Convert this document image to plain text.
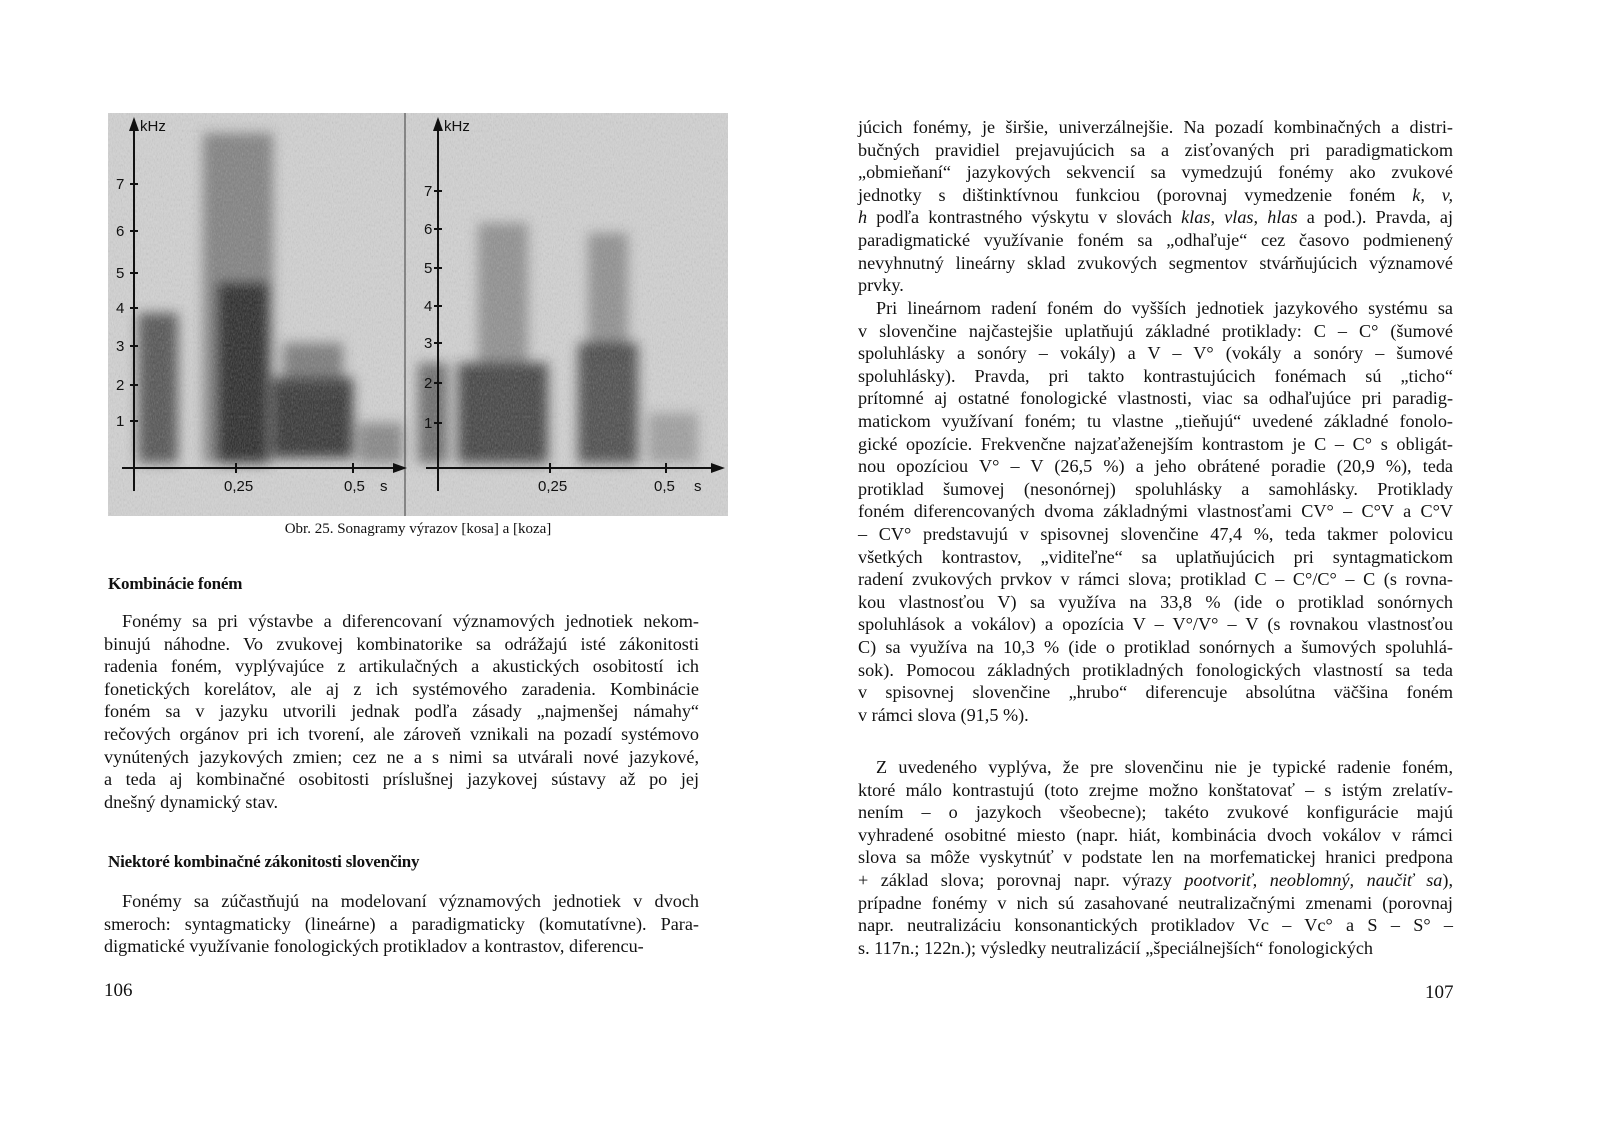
kHz
7
6
5
4
3
2
1
0,25	0,5 s
kHz
7
6
5
4
3
2
1
0,25	0,5 s
Obr. 25. Sonagramy výrazov [kosa] a [koza]
Kombinácie foném
Fonémy sa pri výstavbe a diferencovaní významových jednotiek nekom-
binujú náhodne. Vo zvukovej kombinatorike sa odrážajú isté zákonitosti
radenia foném, vyplývajúce z artikulačných a akustických osobitostí ich
fonetických korelátov, ale aj z ich systémového zaradenia. Kombinácie
foném sa v jazyku utvorili jednak podľa zásady „najmenšej námahy“
rečových orgánov pri ich tvorení, ale zároveň vznikali na pozadí systémovo
vynútených jazykových zmien; cez ne a s nimi sa utvárali nové jazykové,
a teda aj kombinačné osobitosti príslušnej jazykovej sústavy až po jej
dnešný dynamický stav.
Niektoré kombinačné zákonitosti slovenčiny
Fonémy sa zúčastňujú na modelovaní významových jednotiek v dvoch
smeroch: syntagmaticky (lineárne) a paradigmaticky (komutatívne). Para-
digmatické využívanie fonologických protikladov a kontrastov, diferencu-
106
júcich fonémy, je širšie, univerzálnejšie. Na pozadí kombinačných a distri-
bučných pravidiel prejavujúcich sa a zisťovaných pri paradigmatickom
„obmieňaní“ jazykových sekvencií sa vymedzujú fonémy ako zvukové
jednotky s dištinktívnou funkciou (porovnaj vymedzenie foném k, v,
h podľa kontrastného výskytu v slovách klas, vlas, hlas a pod.). Pravda, aj
paradigmatické využívanie foném sa „odhaľuje“ cez časovo podmienený
nevyhnutný lineárny sklad zvukových segmentov stvárňujúcich významové
prvky.
Pri lineárnom radení foném do vyšších jednotiek jazykového systému sa
v slovenčine najčastejšie uplatňujú základné protiklady: C – C° (šumové
spoluhlásky a sonóry – vokály) a V – V° (vokály a sonóry – šumové
spoluhlásky). Pravda, pri takto kontrastujúcich fonémach sú „ticho“
prítomné aj ostatné fonologické vlastnosti, viac sa odhaľujúce pri paradig-
matickom využívaní foném; tu vlastne „tieňujú“ uvedené základné fonolo-
gické opozície. Frekvenčne najzaťaženejším kontrastom je C – C° s obligát-
nou opozíciou V° – V (26,5 %) a jeho obrátené poradie (20,9 %), teda
protiklad šumovej (nesonórnej) spoluhlásky a samohlásky. Protiklady
foném diferencovaných dvoma základnými vlastnosťami CV° – C°V a C°V
– CV° predstavujú v spisovnej slovenčine 47,4 %, teda takmer polovicu
všetkých kontrastov, „viditeľne“ sa uplatňujúcich pri syntagmatickom
radení zvukových prvkov v rámci slova; protiklad C – C°/C° – C (s rovna-
kou vlastnosťou V) sa využíva na 33,8 % (ide o protiklad sonórnych
spoluhlások a vokálov) a opozícia V – V°/V° – V (s rovnakou vlastnosťou
C) sa využíva na 10,3 % (ide o protiklad sonórnych a šumových spoluhlá-
sok). Pomocou základných protikladných fonologických vlastností sa teda
v spisovnej slovenčine „hrubo“ diferencuje absolútna väčšina foném
v rámci slova (91,5 %).
Z uvedeného vyplýva, že pre slovenčinu nie je typické radenie foném,
ktoré málo kontrastujú (toto zrejme možno konštatovať – s istým zrelatív-
nením – o jazykoch všeobecne); takéto zvukové konfigurácie majú
vyhradené osobitné miesto (napr. hiát, kombinácia dvoch vokálov v rámci
slova sa môže vyskytnúť v podstate len na morfematickej hranici predpona
+ základ slova; porovnaj napr. výrazy pootvoriť, neoblomný, naučiť sa),
prípadne fonémy v nich sú zasahované neutralizačnými zmenami (porovnaj
napr. neutralizáciu konsonantických protikladov Vc – Vc° a S – S° –
s. 117n.; 122n.); výsledky neutralizácií „špeciálnejších“ fonologických
107
